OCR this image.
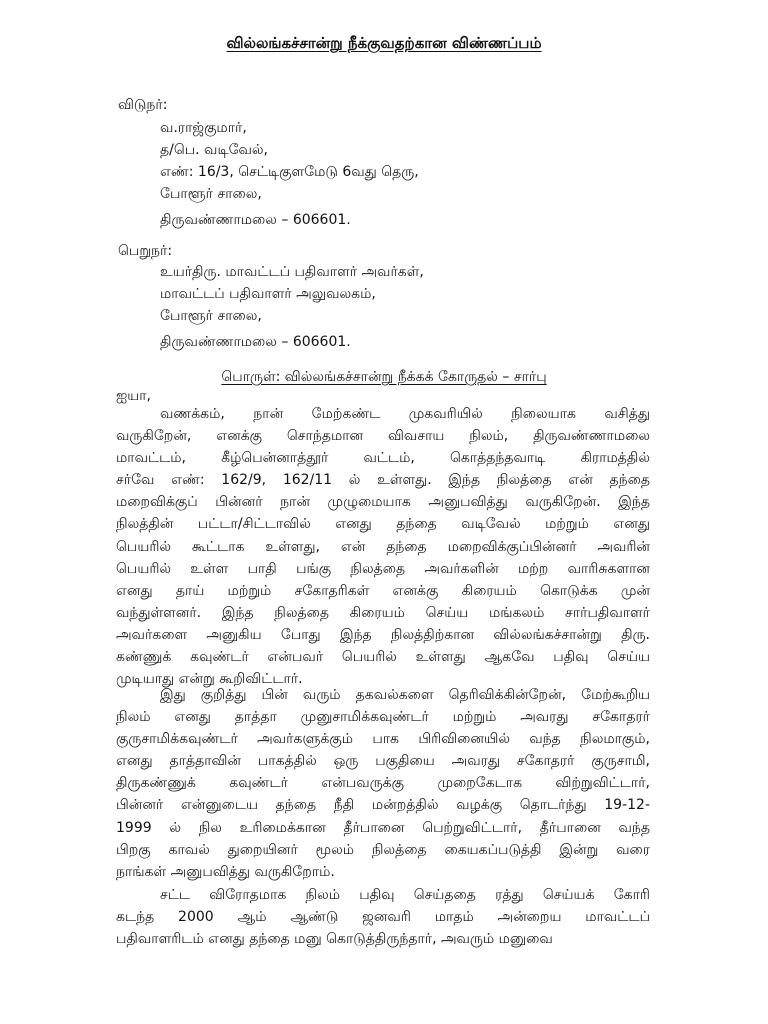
வில்லங்கச்சான்று நீக்குவதற்கான விண்ணப்பம்
விடுநர்:
வ.ராஜ்குமார்,
த/பெ. வடிவேல்,
எண்: 16/3, செட்டிகுளமேடு 6வது தெரு,
போளூர் சாலை,
திருவண்ணாமலை – 606601.
பெறுநர்:
உயர்திரு. மாவட்டப் பதிவாளர் அவர்கள்,
மாவட்டப் பதிவாளர் அலுவலகம்,
போளூர் சாலை,
திருவண்ணாமலை – 606601.
பொருள்: வில்லங்கச்சான்று நீக்கக் கோருதல் – சார்பு
ஐயா,
வணக்கம், நான் மேற்கண்ட முகவரியில் நிலையாக வசித்து
வருகிறேன், எனக்கு சொந்தமான விவசாய நிலம், திருவண்ணாமலை
மாவட்டம், கீழ்பென்னாத்தூர் வட்டம், கொத்தந்தவாடி கிராமத்தில்
சர்வே எண்: 162/9, 162/11 ல் உள்ளது. இந்த நிலத்தை என் தந்தை
மறைவிக்குப் பின்னர் நான் முழுமையாக அனுபவித்து வருகிறேன். இந்த
நிலத்தின் பட்டா/சிட்டாவில் எனது தந்தை வடிவேல் மற்றும் எனது
பெயரில் கூட்டாக உள்ளது, என் தந்தை மறைவிக்குப்பின்னர் அவரின்
பெயரில் உள்ள பாதி பங்கு நிலத்தை அவர்களின் மற்ற வாரிசுகளான
எனது தாய் மற்றும் சகோதரிகள் எனக்கு கிரையம் கொடுக்க முன்
வந்துள்ளனர். இந்த நிலத்தை கிரையம் செய்ய மங்கலம் சார்பதிவாளர்
அவர்களை அனுகிய போது இந்த நிலத்திற்கான வில்லங்கச்சான்று திரு.
கண்ணுக் கவுண்டர் என்பவர் பெயரில் உள்ளது ஆகவே பதிவு செய்ய
முடியாது என்று கூறிவிட்டார்.
இது குறித்து பின் வரும் தகவல்களை தெரிவிக்கின்றேன், மேற்கூறிய
நிலம் எனது தாத்தா முனுசாமிக்கவுண்டர் மற்றும் அவரது சகோதரர்
குருசாமிக்கவுண்டர் அவர்களுக்கும் பாக பிரிவினையில் வந்த நிலமாகும்,
எனது தாத்தாவின் பாகத்தில் ஒரு பகுதியை அவரது சகோதரர் குருசாமி,
திருகண்ணுக் கவுண்டர் என்பவருக்கு முறைகேடாக விற்றுவிட்டார்,
பின்னர் என்னுடைய தந்தை நீதி மன்றத்தில் வழக்கு தொடர்ந்து 19-12-
1999 ல் நில உரிமைக்கான தீர்பானை பெற்றுவிட்டார், தீர்பானை வந்த
பிறகு காவல் துறையினர் மூலம் நிலத்தை கையகப்படுத்தி இன்று வரை
நாங்கள் அனுபவித்து வருகிறோம்.
சட்ட விரோதமாக நிலம் பதிவு செய்ததை ரத்து செய்யக் கோரி
கடந்த 2000 ஆம் ஆண்டு ஜனவரி மாதம் அன்றைய மாவட்டப்
பதிவாளரிடம் எனது தந்தை மனு கொடுத்திருந்தார், அவரும் மனுவை
